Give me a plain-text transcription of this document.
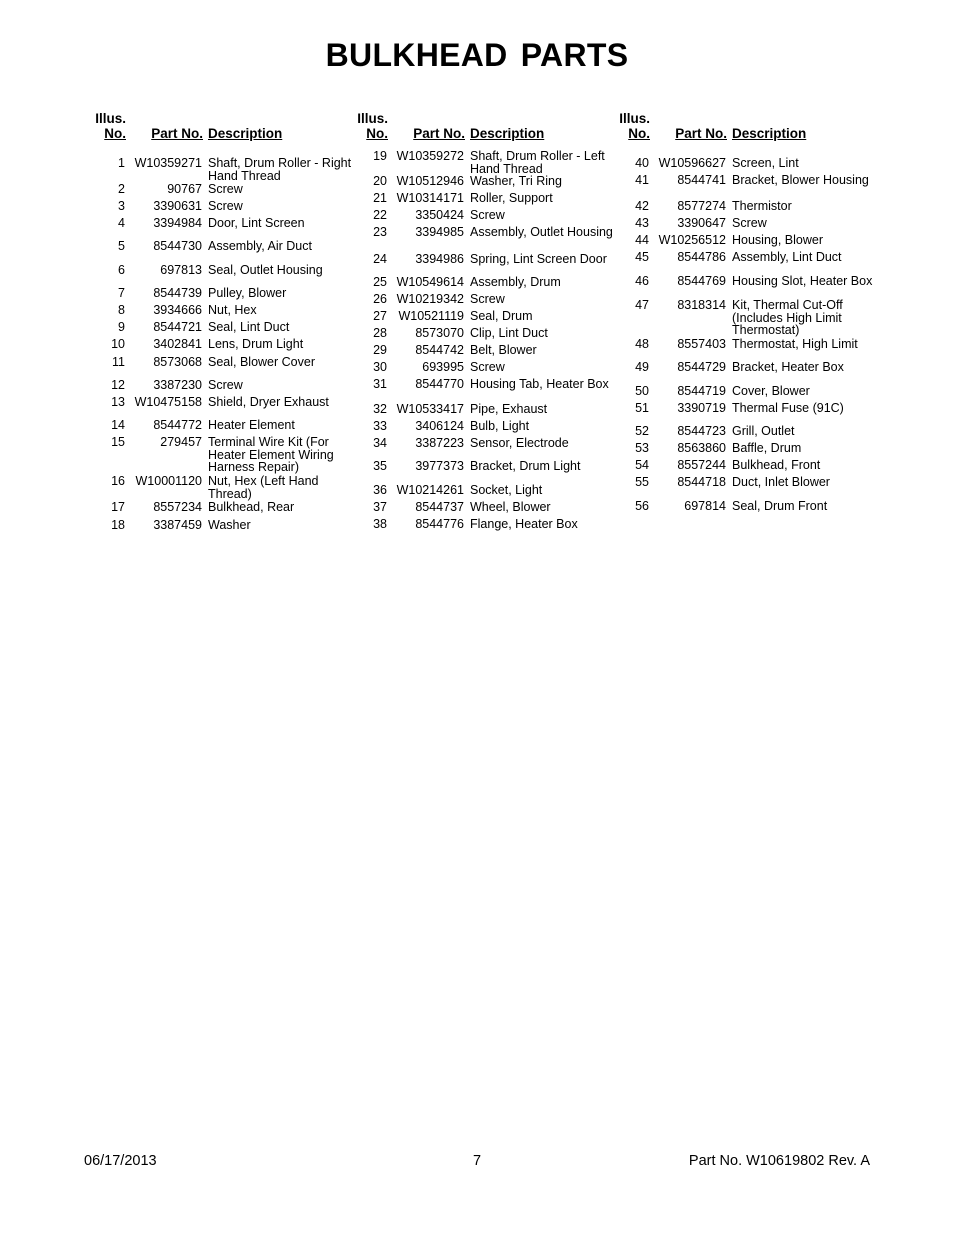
BULKHEAD PARTS
Illus.
No.	Part No. Description
1 W10359271 Shaft, Drum Roller - Right Hand Thread
2	90767 Screw
3	3390631 Screw
4	3394984 Door, Lint Screen
5	8544730 Assembly, Air Duct
6	697813 Seal, Outlet Housing
7	8544739 Pulley, Blower
8	3934666 Nut, Hex
9	8544721 Seal, Lint Duct
10	3402841 Lens, Drum Light
11	8573068 Seal, Blower Cover
12	3387230 Screw
13 W10475158 Shield, Dryer Exhaust
14	8544772 Heater Element
15	279457 Terminal Wire Kit (For Heater Element Wiring Harness Repair)
16 W10001120 Nut, Hex (Left Hand Thread)
17	8557234 Bulkhead, Rear
18	3387459 Washer
Illus.
No.	Part No. Description
19 W10359272 Shaft, Drum Roller - Left Hand Thread
20 W10512946 Washer, Tri Ring
21 W10314171 Roller, Support
22	3350424 Screw
23	3394985 Assembly, Outlet Housing
24	3394986 Spring, Lint Screen Door
25 W10549614 Assembly, Drum
26 W10219342 Screw
27 W10521119 Seal, Drum
28	8573070 Clip, Lint Duct
29	8544742 Belt, Blower
30	693995 Screw
31	8544770 Housing Tab, Heater Box
32 W10533417 Pipe, Exhaust
33	3406124 Bulb, Light
34	3387223 Sensor, Electrode
35	3977373 Bracket, Drum Light
36 W10214261 Socket, Light
37	8544737 Wheel, Blower
38	8544776 Flange, Heater Box
Illus.
No.	Part No. Description
40 W10596627 Screen, Lint
41	8544741 Bracket, Blower Housing
42	8577274 Thermistor
43	3390647 Screw
44 W10256512 Housing, Blower
45	8544786 Assembly, Lint Duct
46	8544769 Housing Slot, Heater Box
47	8318314 Kit, Thermal Cut-Off (Includes High Limit Thermostat)
48	8557403 Thermostat, High Limit
49	8544729 Bracket, Heater Box
50	8544719 Cover, Blower
51	3390719 Thermal Fuse (91C)
52	8544723 Grill, Outlet
53	8563860 Baffle, Drum
54	8557244 Bulkhead, Front
55	8544718 Duct, Inlet Blower
56	697814 Seal, Drum Front
06/17/2013	7	Part No. W10619802 Rev. A
